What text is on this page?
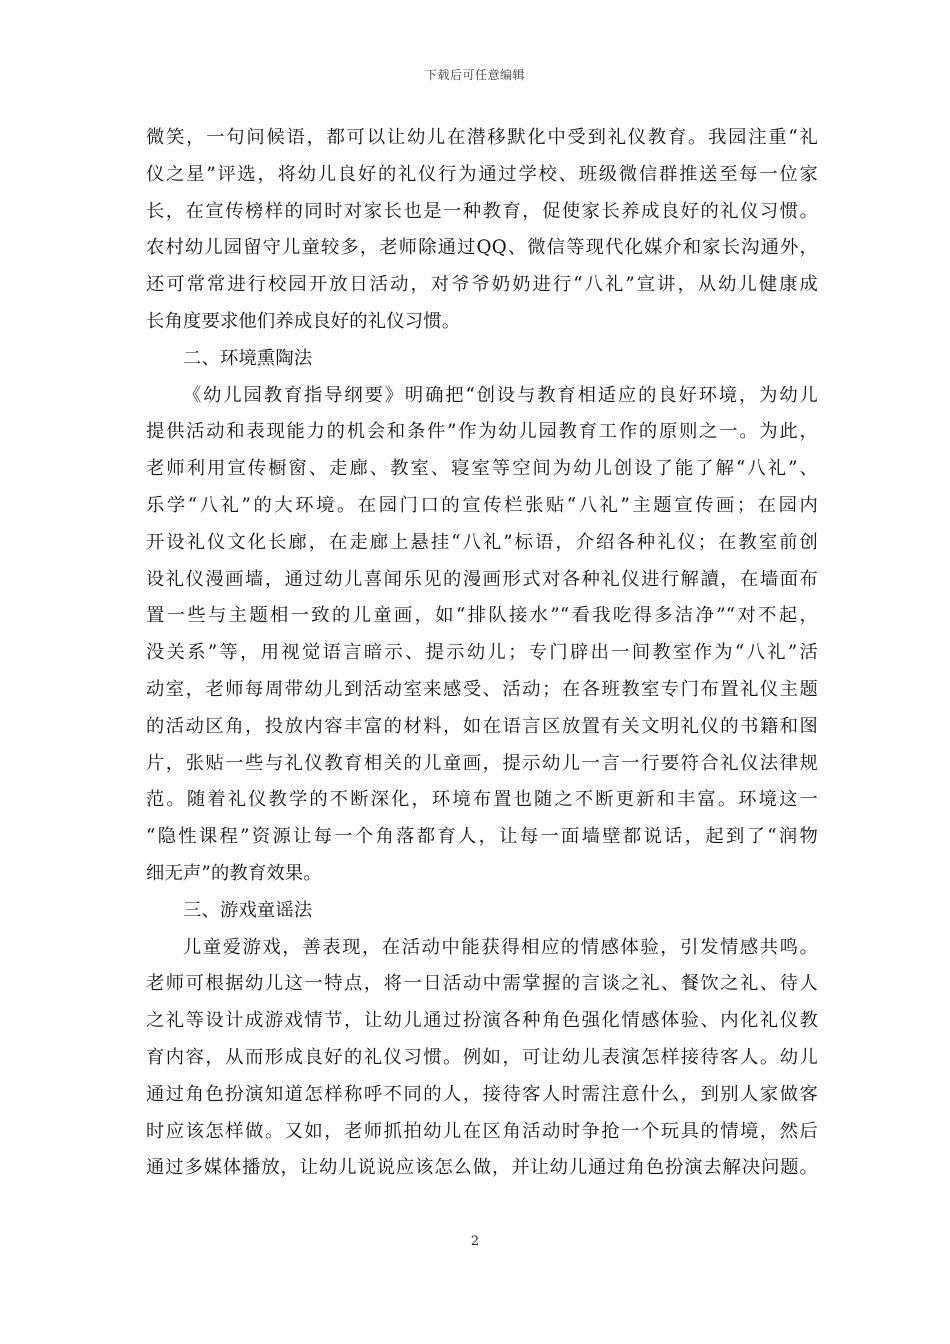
下载后可任意编辑
微笑，一句问候语，都可以让幼儿在潜移默化中受到礼仪教育。我园注重“礼
仪之星”评选，将幼儿良好的礼仪行为通过学校、班级微信群推送至每一位家
长，在宣传榜样的同时对家长也是一种教育，促使家长养成良好的礼仪习惯。
农村幼儿园留守儿童较多，老师除通过QQ、微信等现代化媒介和家长沟通外，
还可常常进行校园开放日活动，对爷爷奶奶进行“八礼”宣讲，从幼儿健康成
长角度要求他们养成良好的礼仪习惯。
二、环境熏陶法
《幼儿园教育指导纲要》明确把“创设与教育相适应的良好环境，为幼儿
提供活动和表现能力的机会和条件”作为幼儿园教育工作的原则之一。为此，
老师利用宣传橱窗、走廊、教室、寝室等空间为幼儿创设了能了解“八礼”、
乐学“八礼”的大环境。在园门口的宣传栏张贴“八礼”主题宣传画；在园内
开设礼仪文化长廊，在走廊上悬挂“八礼”标语，介绍各种礼仪；在教室前创
设礼仪漫画墙，通过幼儿喜闻乐见的漫画形式对各种礼仪进行解讀，在墙面布
置一些与主题相一致的儿童画，如“排队接水”“看我吃得多洁净”“对不起，
没关系”等，用视觉语言暗示、提示幼儿；专门辟出一间教室作为“八礼”活
动室，老师每周带幼儿到活动室来感受、活动；在各班教室专门布置礼仪主题
的活动区角，投放内容丰富的材料，如在语言区放置有关文明礼仪的书籍和图
片，张贴一些与礼仪教育相关的儿童画，提示幼儿一言一行要符合礼仪法律规
范。随着礼仪教学的不断深化，环境布置也随之不断更新和丰富。环境这一
“隐性课程”资源让每一个角落都育人，让每一面墙壁都说话，起到了“润物
细无声”的教育效果。
三、游戏童谣法
儿童爱游戏，善表现，在活动中能获得相应的情感体验，引发情感共鸣。
老师可根据幼儿这一特点，将一日活动中需掌握的言谈之礼、餐饮之礼、待人
之礼等设计成游戏情节，让幼儿通过扮演各种角色强化情感体验、内化礼仪教
育内容，从而形成良好的礼仪习惯。例如，可让幼儿表演怎样接待客人。幼儿
通过角色扮演知道怎样称呼不同的人，接待客人时需注意什么，到别人家做客
时应该怎样做。又如，老师抓拍幼儿在区角活动时争抢一个玩具的情境，然后
通过多媒体播放，让幼儿说说应该怎么做，并让幼儿通过角色扮演去解决问题。
2
